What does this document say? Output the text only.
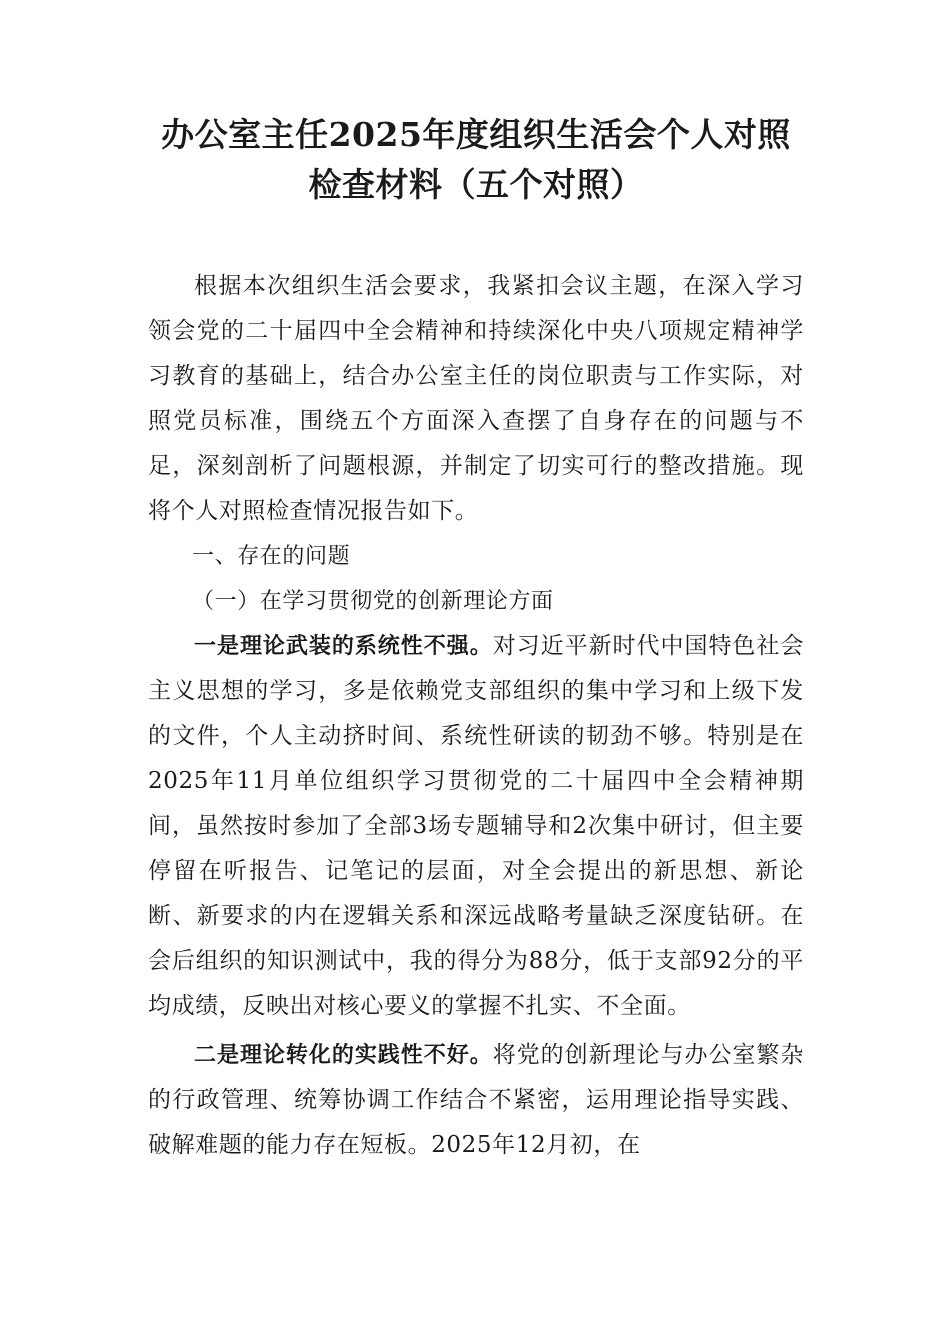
办公室主任2025年度组织生活会个人对照
检查材料（五个对照）

根据本次组织生活会要求，我紧扣会议主题，在深入学习领会党的二十届四中全会精神和持续深化中央八项规定精神学习教育的基础上，结合办公室主任的岗位职责与工作实际，对照党员标准，围绕五个方面深入查摆了自身存在的问题与不足，深刻剖析了问题根源，并制定了切实可行的整改措施。现将个人对照检查情况报告如下。

一、存在的问题

（一）在学习贯彻党的创新理论方面

一是理论武装的系统性不强。对习近平新时代中国特色社会主义思想的学习，多是依赖党支部组织的集中学习和上级下发的文件，个人主动挤时间、系统性研读的韧劲不够。特别是在2025年11月单位组织学习贯彻党的二十届四中全会精神期间，虽然按时参加了全部3场专题辅导和2次集中研讨，但主要停留在听报告、记笔记的层面，对全会提出的新思想、新论断、新要求的内在逻辑关系和深远战略考量缺乏深度钻研。在会后组织的知识测试中，我的得分为88分，低于支部92分的平均成绩，反映出对核心要义的掌握不扎实、不全面。

二是理论转化的实践性不好。将党的创新理论与办公室繁杂的行政管理、统筹协调工作结合不紧密，运用理论指导实践、破解难题的能力存在短板。2025年12月初，在
